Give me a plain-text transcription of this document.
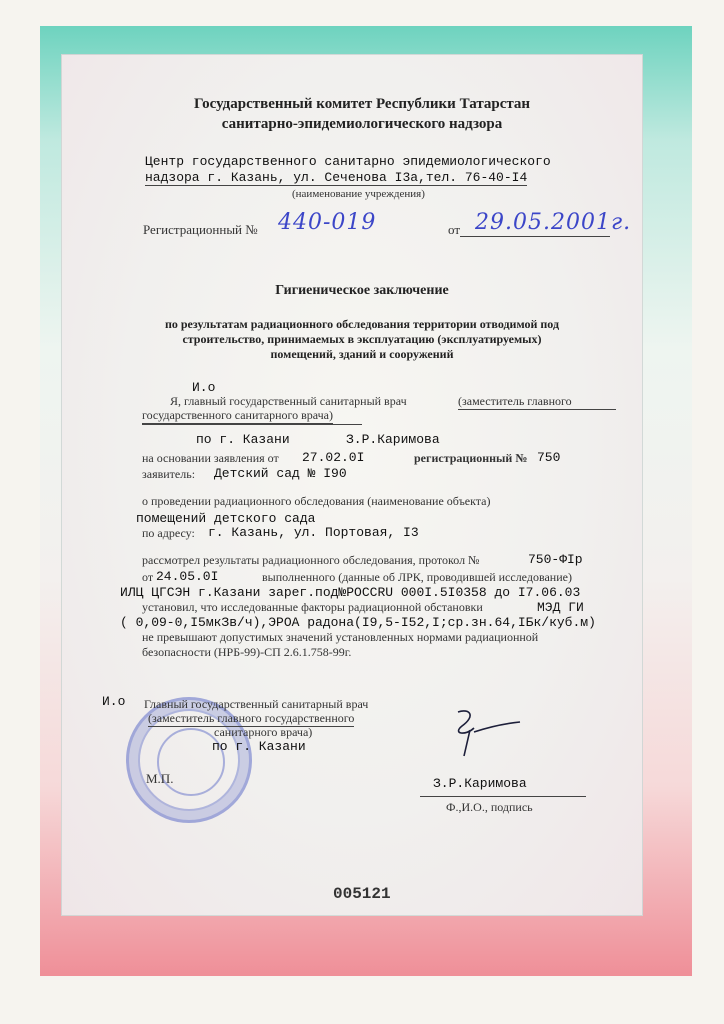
Государственный комитет Республики Татарстан
санитарно-эпидемиологического надзора
Центр государственного санитарно эпидемиологического
надзора г. Казань, ул. Сеченова I3a,тел. 76-40-I4
(наименование учреждения)
Регистрационный № 440-019	от 29.05.2001г.
Гигиеническое заключение
по результатам радиационного обследования территории отводимой под
строительство, принимаемых в эксплуатацию (эксплуатируемых)
помещений, зданий и сооружений
И.о
Я, главный государственный санитарный врач	(заместитель главного
государственного санитарного врача)
по г. Казани	З.Р.Каримова
на основании заявления от 27.02.0I	регистрационный № 750
заявитель: Детский сад № I90
о проведении радиационного обследования (наименование объекта)
помещений детского сада
по адресу: г. Казань, ул. Портовая, I3
рассмотрел результаты радиационного обследования, протокол №	750-ФIр
от 24.05.0I	выполненного (данные об ЛРК, проводившей исследование)
ИЛЦ ЦГСЭН г.Казани зарег.под№РОССRU 000I.5I0358 до I7.06.03
установил, что исследованные факторы радиационной обстановки	МЭД ГИ
( 0,09-0,I5мкЗв/ч),ЭРОА радона(I9,5-I52,I;ср.зн.64,IБк/куб.м)
не превышают допустимых значений установленных нормами радиационной
безопасности (НРБ-99)-СП 2.6.1.758-99г.
И.о Главный государственный санитарный врач
(заместитель главного государственного
санитарного врача)
по г. Казани
М.П.	З.Р.Каримова
Ф.,И.О., подпись
005121
